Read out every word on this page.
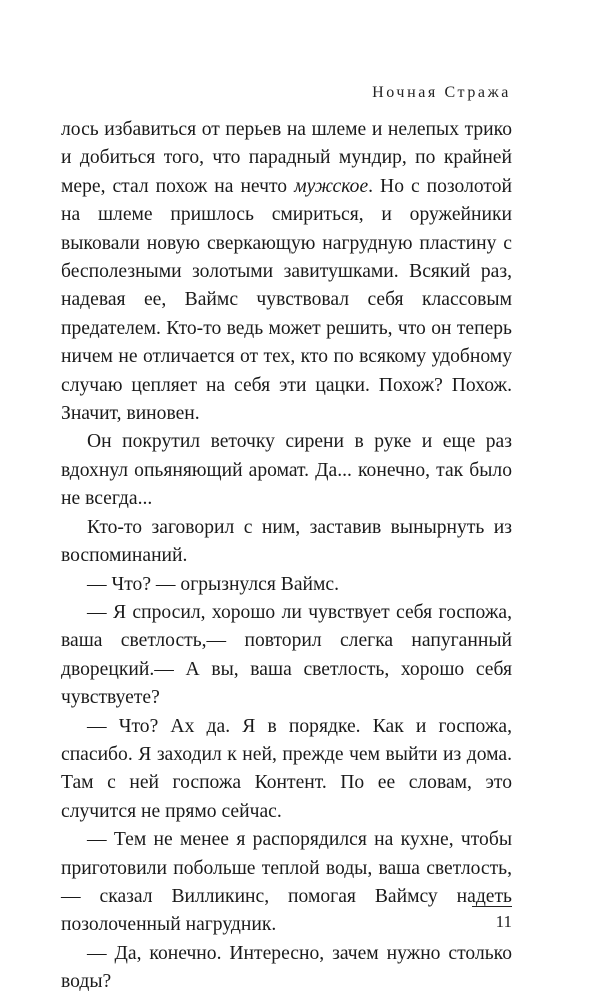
Ночная Стража

лось избавиться от перьев на шлеме и нелепых трико и добиться того, что парадный мундир, по крайней мере, стал похож на нечто мужское. Но с позолотой на шлеме пришлось смириться, и оружейники выковали новую сверкающую нагрудную пластину с бесполезными золотыми завитушками. Всякий раз, надевая ее, Ваймс чувствовал себя классовым предателем. Кто-то ведь может решить, что он теперь ничем не отличается от тех, кто по всякому удобному случаю цепляет на себя эти цацки. Похож? Похож. Значит, виновен.

Он покрутил веточку сирени в руке и еще раз вдохнул опьяняющий аромат. Да... конечно, так было не всегда...

Кто-то заговорил с ним, заставив вынырнуть из воспоминаний.

— Что? — огрызнулся Ваймс.

— Я спросил, хорошо ли чувствует себя госпожа, ваша светлость,— повторил слегка напуганный дворецкий.— А вы, ваша светлость, хорошо себя чувствуете?

— Что? Ах да. Я в порядке. Как и госпожа, спасибо. Я заходил к ней, прежде чем выйти из дома. Там с ней госпожа Контент. По ее словам, это случится не прямо сейчас.

— Тем не менее я распорядился на кухне, чтобы приготовили побольше теплой воды, ваша светлость,— сказал Вилликинс, помогая Ваймсу надеть позолоченный нагрудник.

— Да, конечно. Интересно, зачем нужно столько воды?

11
